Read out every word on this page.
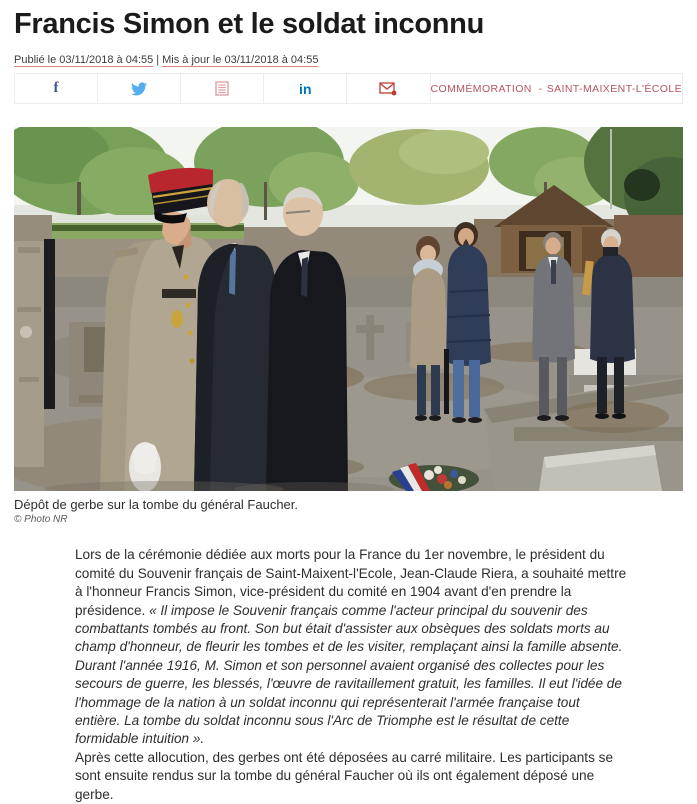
Francis Simon et le soldat inconnu
Publié le 03/11/2018 à 04:55 | Mis à jour le 03/11/2018 à 04:55
f	in	COMMÉMORATION - SAINT-MAIXENT-L'ÉCOLE
Dépôt de gerbe sur la tombe du général Faucher.
© Photo NR

Lors de la cérémonie dédiée aux morts pour la France du 1er novembre, le président du comité du Souvenir français de Saint-Maixent-l'Ecole, Jean-Claude Riera, a souhaité mettre à l'honneur Francis Simon, vice-président du comité en 1904 avant d'en prendre la présidence. « Il impose le Souvenir français comme l'acteur principal du souvenir des combattants tombés au front. Son but était d'assister aux obsèques des soldats morts au champ d'honneur, de fleurir les tombes et de les visiter, remplaçant ainsi la famille absente. Durant l'année 1916, M. Simon et son personnel avaient organisé des collectes pour les secours de guerre, les blessés, l'œuvre de ravitaillement gratuit, les familles. Il eut l'idée de l'hommage de la nation à un soldat inconnu qui représenterait l'armée française tout entière. La tombe du soldat inconnu sous l'Arc de Triomphe est le résultat de cette formidable intuition ».

Après cette allocution, des gerbes ont été déposées au carré militaire. Les participants se sont ensuite rendus sur la tombe du général Faucher où ils ont également déposé une gerbe.
